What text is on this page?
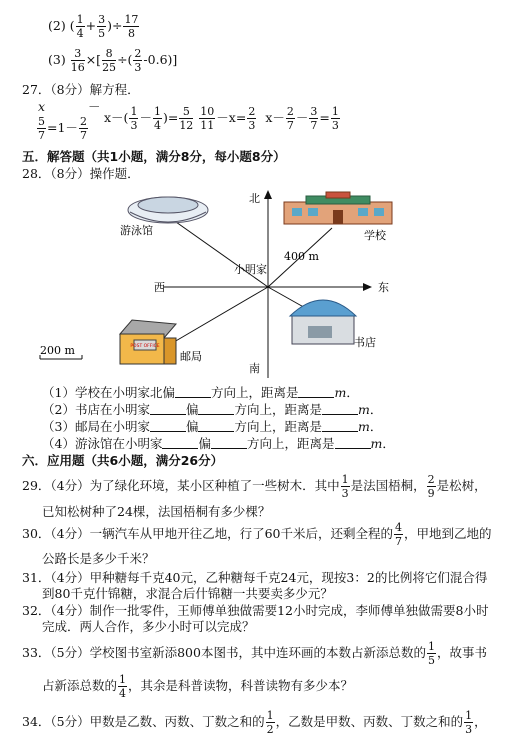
(2) ( $\frac{1}{4} + \frac{3}{5}$ )÷ $\frac{17}{8}$
$(3) \frac{3}{16}$ ×[ $\frac{8}{25}$ ÷( $\frac{2}{3} -0.6$)]
27．（8分）解方程．
x	－
$\frac{5}{7} =1- \frac{2}{7} x-( \frac{1}{3} - \frac{1}{4}$ )= $\frac{5}{12}$
$\frac{10}{11} -x= \frac{2}{3} x- \frac{2}{7} - \frac{3}{7} = \frac{1}{3}$
五．解答题（共1小题，满分8分，每小题8分）
28．（8分）操作题．
POST OFFICE
北
南
东
西
小明家
学校
游泳馆
书店
邮局
400 m
200 m
（1）学校在小明家北偏	方向上，距离是	m．
（2）书店在小明家	偏	方向上，距离是	m．
（3）邮局在小明家	偏	方向上，距离是	m．
（4）游泳馆在小明家	偏	方向上，距离是	m．
六．应用题（共6小题，满分26分）
29．（4分）为了绿化环境，某小区种植了一些树木．其中 $\frac{1}{3}$ 是法国梧桐， $\frac{2}{9}$ 是松树，
已知松树种了24棵，法国梧桐有多少棵？
30．（4分）一辆汽车从甲地开往乙地，行了60千米后，还剩全程的 $\frac{4}{7}$ ，甲地到乙地的
公路长是多少千米？
31．（4分）甲种糖每千克40元，乙种糖每千克24元，现按3：2的比例将它们混合得
到80千克什锦糖，求混合后什锦糖一共要卖多少元？
32．（4分）制作一批零件，王师傅单独做需要12小时完成，李师傅单独做需要8小时
完成．两人合作，多少小时可以完成？
33．（5分）学校图书室新添800本图书，其中连环画的本数占新添总数的 $\frac{1}{5}$ ，故事书
占新添总数的 $\frac{1}{4}$ ，其余是科普读物，科普读物有多少本？
34．（5分）甲数是乙数、丙数、丁数之和的 $\frac{1}{2}$ ，乙数是甲数、丙数、丁数之和的 $\frac{1}{3}$ ，
